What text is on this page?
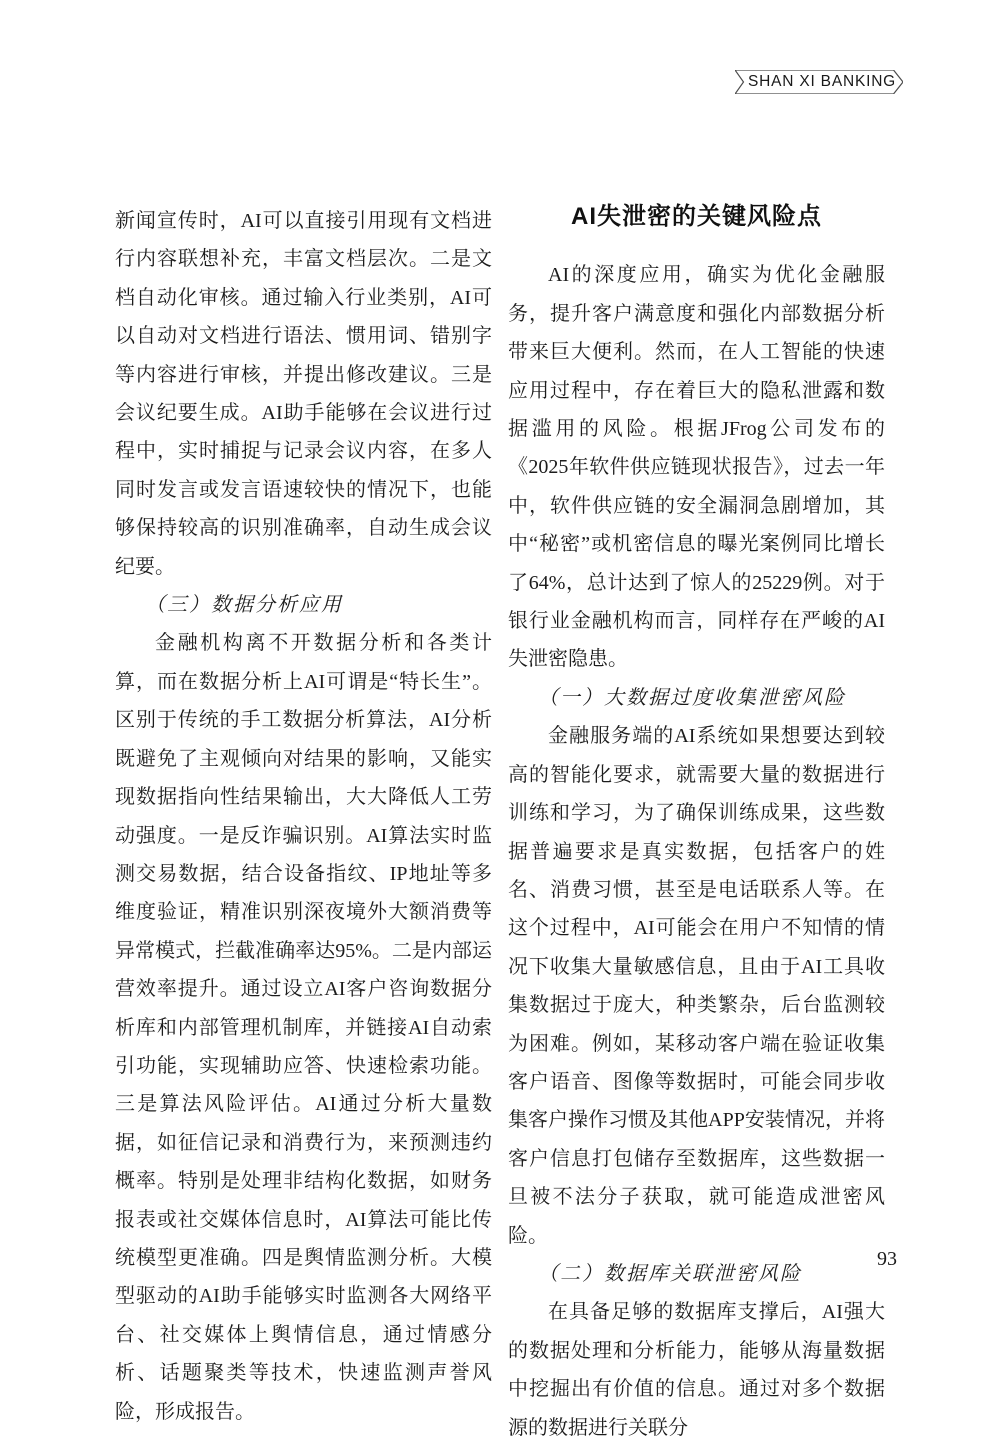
SHAN XI BANKING

新闻宣传时，AI可以直接引用现有文档进行内容联想补充，丰富文档层次。二是文档自动化审核。通过输入行业类别，AI可以自动对文档进行语法、惯用词、错别字等内容进行审核，并提出修改建议。三是会议纪要生成。AI助手能够在会议进行过程中，实时捕捉与记录会议内容，在多人同时发言或发言语速较快的情况下，也能够保持较高的识别准确率，自动生成会议纪要。

（三）数据分析应用

金融机构离不开数据分析和各类计算，而在数据分析上AI可谓是“特长生”。区别于传统的手工数据分析算法，AI分析既避免了主观倾向对结果的影响，又能实现数据指向性结果输出，大大降低人工劳动强度。一是反诈骗识别。AI算法实时监测交易数据，结合设备指纹、IP地址等多维度验证，精准识别深夜境外大额消费等异常模式，拦截准确率达95%。二是内部运营效率提升。通过设立AI客户咨询数据分析库和内部管理机制库，并链接AI自动索引功能，实现辅助应答、快速检索功能。三是算法风险评估。AI通过分析大量数据，如征信记录和消费行为，来预测违约概率。特别是处理非结构化数据，如财务报表或社交媒体信息时，AI算法可能比传统模型更准确。四是舆情监测分析。大模型驱动的AI助手能够实时监测各大网络平台、社交媒体上舆情信息，通过情感分析、话题聚类等技术，快速监测声誉风险，形成报告。

AI失泄密的关键风险点

AI的深度应用，确实为优化金融服务，提升客户满意度和强化内部数据分析带来巨大便利。然而，在人工智能的快速应用过程中，存在着巨大的隐私泄露和数据滥用的风险。根据JFrog公司发布的《2025年软件供应链现状报告》，过去一年中，软件供应链的安全漏洞急剧增加，其中“秘密”或机密信息的曝光案例同比增长了64%，总计达到了惊人的25229例。对于银行业金融机构而言，同样存在严峻的AI失泄密隐患。

（一）大数据过度收集泄密风险

金融服务端的AI系统如果想要达到较高的智能化要求，就需要大量的数据进行训练和学习，为了确保训练成果，这些数据普遍要求是真实数据，包括客户的姓名、消费习惯，甚至是电话联系人等。在这个过程中，AI可能会在用户不知情的情况下收集大量敏感信息，且由于AI工具收集数据过于庞大，种类繁杂，后台监测较为困难。例如，某移动客户端在验证收集客户语音、图像等数据时，可能会同步收集客户操作习惯及其他APP安装情况，并将客户信息打包储存至数据库，这些数据一旦被不法分子获取，就可能造成泄密风险。

（二）数据库关联泄密风险

在具备足够的数据库支撑后，AI强大的数据处理和分析能力，能够从海量数据中挖掘出有价值的信息。通过对多个数据源的数据进行关联分

93
